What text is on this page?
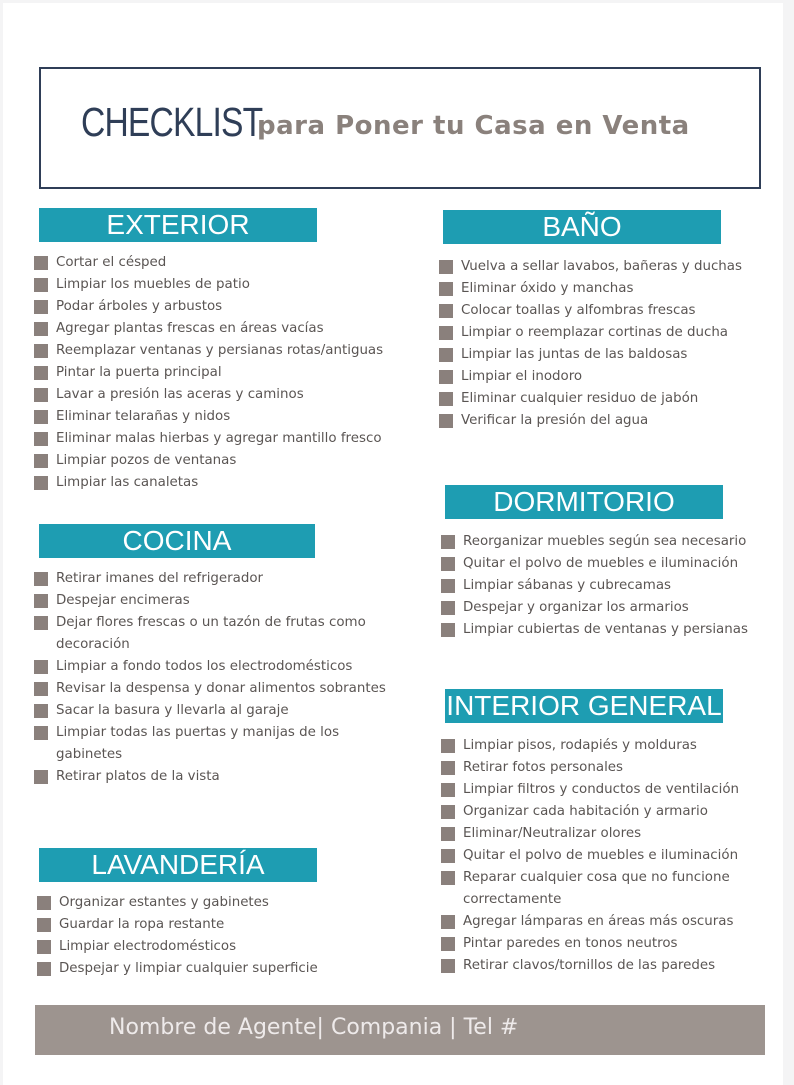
CHECKLIST
para Poner tu Casa en Venta
EXTERIOR
Cortar el césped
Limpiar los muebles de patio
Podar árboles y arbustos
Agregar plantas frescas en áreas vacías
Reemplazar ventanas y persianas rotas/antiguas
Pintar la puerta principal
Lavar a presión las aceras y caminos
Eliminar telarañas y nidos
Eliminar malas hierbas y agregar mantillo fresco
Limpiar pozos de ventanas
Limpiar las canaletas
COCINA
Retirar imanes del refrigerador
Despejar encimeras
Dejar flores frescas o un tazón de frutas como decoración
Limpiar a fondo todos los electrodomésticos
Revisar la despensa y donar alimentos sobrantes
Sacar la basura y llevarla al garaje
Limpiar todas las puertas y manijas de los gabinetes
Retirar platos de la vista
LAVANDERÍA
Organizar estantes y gabinetes
Guardar la ropa restante
Limpiar electrodomésticos
Despejar y limpiar cualquier superficie
BAÑO
Vuelva a sellar lavabos, bañeras y duchas
Eliminar óxido y manchas
Colocar toallas y alfombras frescas
Limpiar o reemplazar cortinas de ducha
Limpiar las juntas de las baldosas
Limpiar el inodoro
Eliminar cualquier residuo de jabón
Verificar la presión del agua
DORMITORIO
Reorganizar muebles según sea necesario
Quitar el polvo de muebles e iluminación
Limpiar sábanas y cubrecamas
Despejar y organizar los armarios
Limpiar cubiertas de ventanas y persianas
INTERIOR GENERAL
Limpiar pisos, rodapiés y molduras
Retirar fotos personales
Limpiar filtros y conductos de ventilación
Organizar cada habitación y armario
Eliminar/Neutralizar olores
Quitar el polvo de muebles e iluminación
Reparar cualquier cosa que no funcione correctamente
Agregar lámparas en áreas más oscuras
Pintar paredes en tonos neutros
Retirar clavos/tornillos de las paredes
Nombre de Agente| Compania | Tel #
